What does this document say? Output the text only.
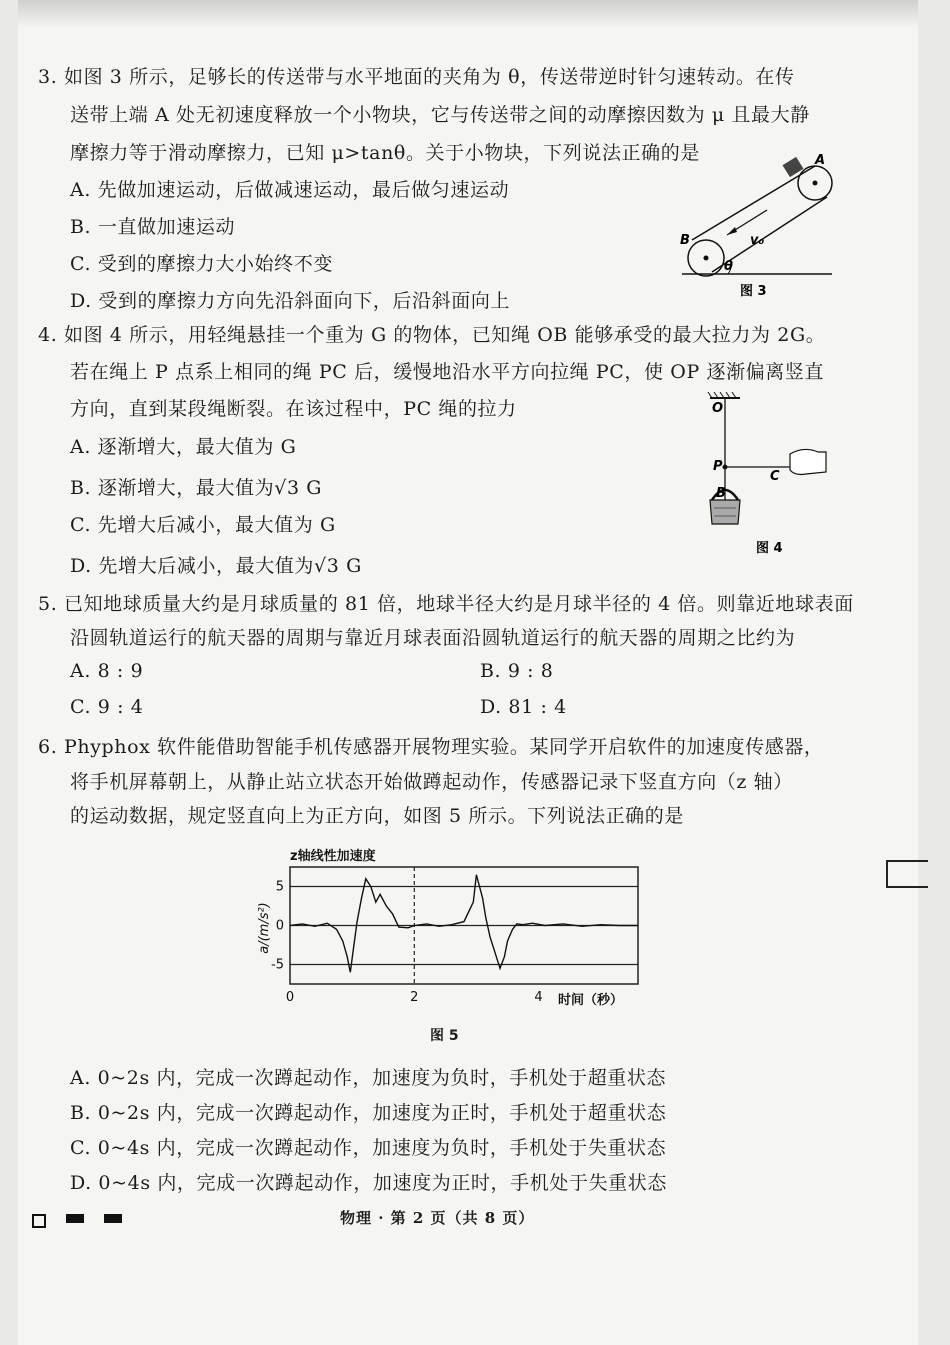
3. 如图 3 所示，足够长的传送带与水平地面的夹角为 θ，传送带逆时针匀速转动。在传
送带上端 A 处无初速度释放一个小物块，它与传送带之间的动摩擦因数为 μ 且最大静
摩擦力等于滑动摩擦力，已知 μ>tanθ。关于小物块，下列说法正确的是
A. 先做加速运动，后做减速运动，最后做匀速运动
B. 一直做加速运动
C. 受到的摩擦力大小始终不变
D. 受到的摩擦力方向先沿斜面向下，后沿斜面向上
A
B	v₀
θ
图 3
4. 如图 4 所示，用轻绳悬挂一个重为 G 的物体，已知绳 OB 能够承受的最大拉力为 2G。
若在绳上 P 点系上相同的绳 PC 后，缓慢地沿水平方向拉绳 PC，使 OP 逐渐偏离竖直
方向，直到某段绳断裂。在该过程中，PC 绳的拉力
A. 逐渐增大，最大值为 G
B. 逐渐增大，最大值为√3 G
C. 先增大后减小，最大值为 G
D. 先增大后减小，最大值为√3 G
O
P
C
B
图 4
5. 已知地球质量大约是月球质量的 81 倍，地球半径大约是月球半径的 4 倍。则靠近地球表面
沿圆轨道运行的航天器的周期与靠近月球表面沿圆轨道运行的航天器的周期之比约为
A. 8 : 9	B. 9 : 8
C. 9 : 4	D. 81 : 4
6. Phyphox 软件能借助智能手机传感器开展物理实验。某同学开启软件的加速度传感器，
将手机屏幕朝上，从静止站立状态开始做蹲起动作，传感器记录下竖直方向（z 轴）
的运动数据，规定竖直向上为正方向，如图 5 所示。下列说法正确的是
z轴线性加速度
a/(m/s²)
时间（秒）
5
0
-5
0	2	4
图 5
A. 0~2s 内，完成一次蹲起动作，加速度为负时，手机处于超重状态
B. 0~2s 内，完成一次蹲起动作，加速度为正时，手机处于超重状态
C. 0~4s 内，完成一次蹲起动作，加速度为负时，手机处于失重状态
D. 0~4s 内，完成一次蹲起动作，加速度为正时，手机处于失重状态
物理 · 第 2 页（共 8 页）
